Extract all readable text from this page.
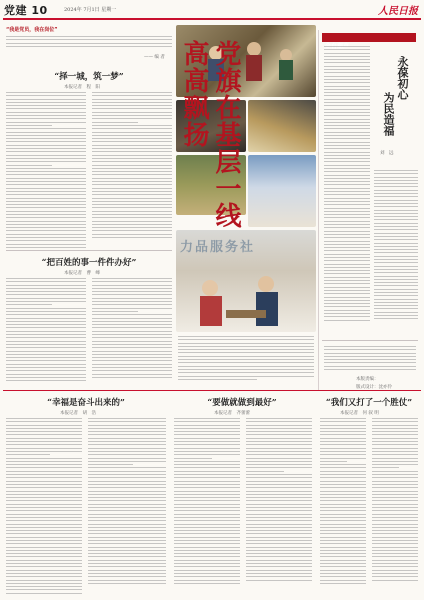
党建 10	2024年 7月1日 星期一	人民日报
“我是党员，我在岗位”
—— 编 者
“择一城，筑一梦”
本报记者　程　阳
“把百姓的事一件件办好”
本报记者　曹　峰
力品服务社
党旗在基层一线高高飘扬	永葆初心
为民造福
刘　远
本版责编：
版式设计：沈亦伶
“幸福是奋斗出来的”
本报记者　胡　浩
“要做就做到最好”
本报记者　齐蕾蕾
“我们又打了一个胜仗”
本报记者　何 叙 明
